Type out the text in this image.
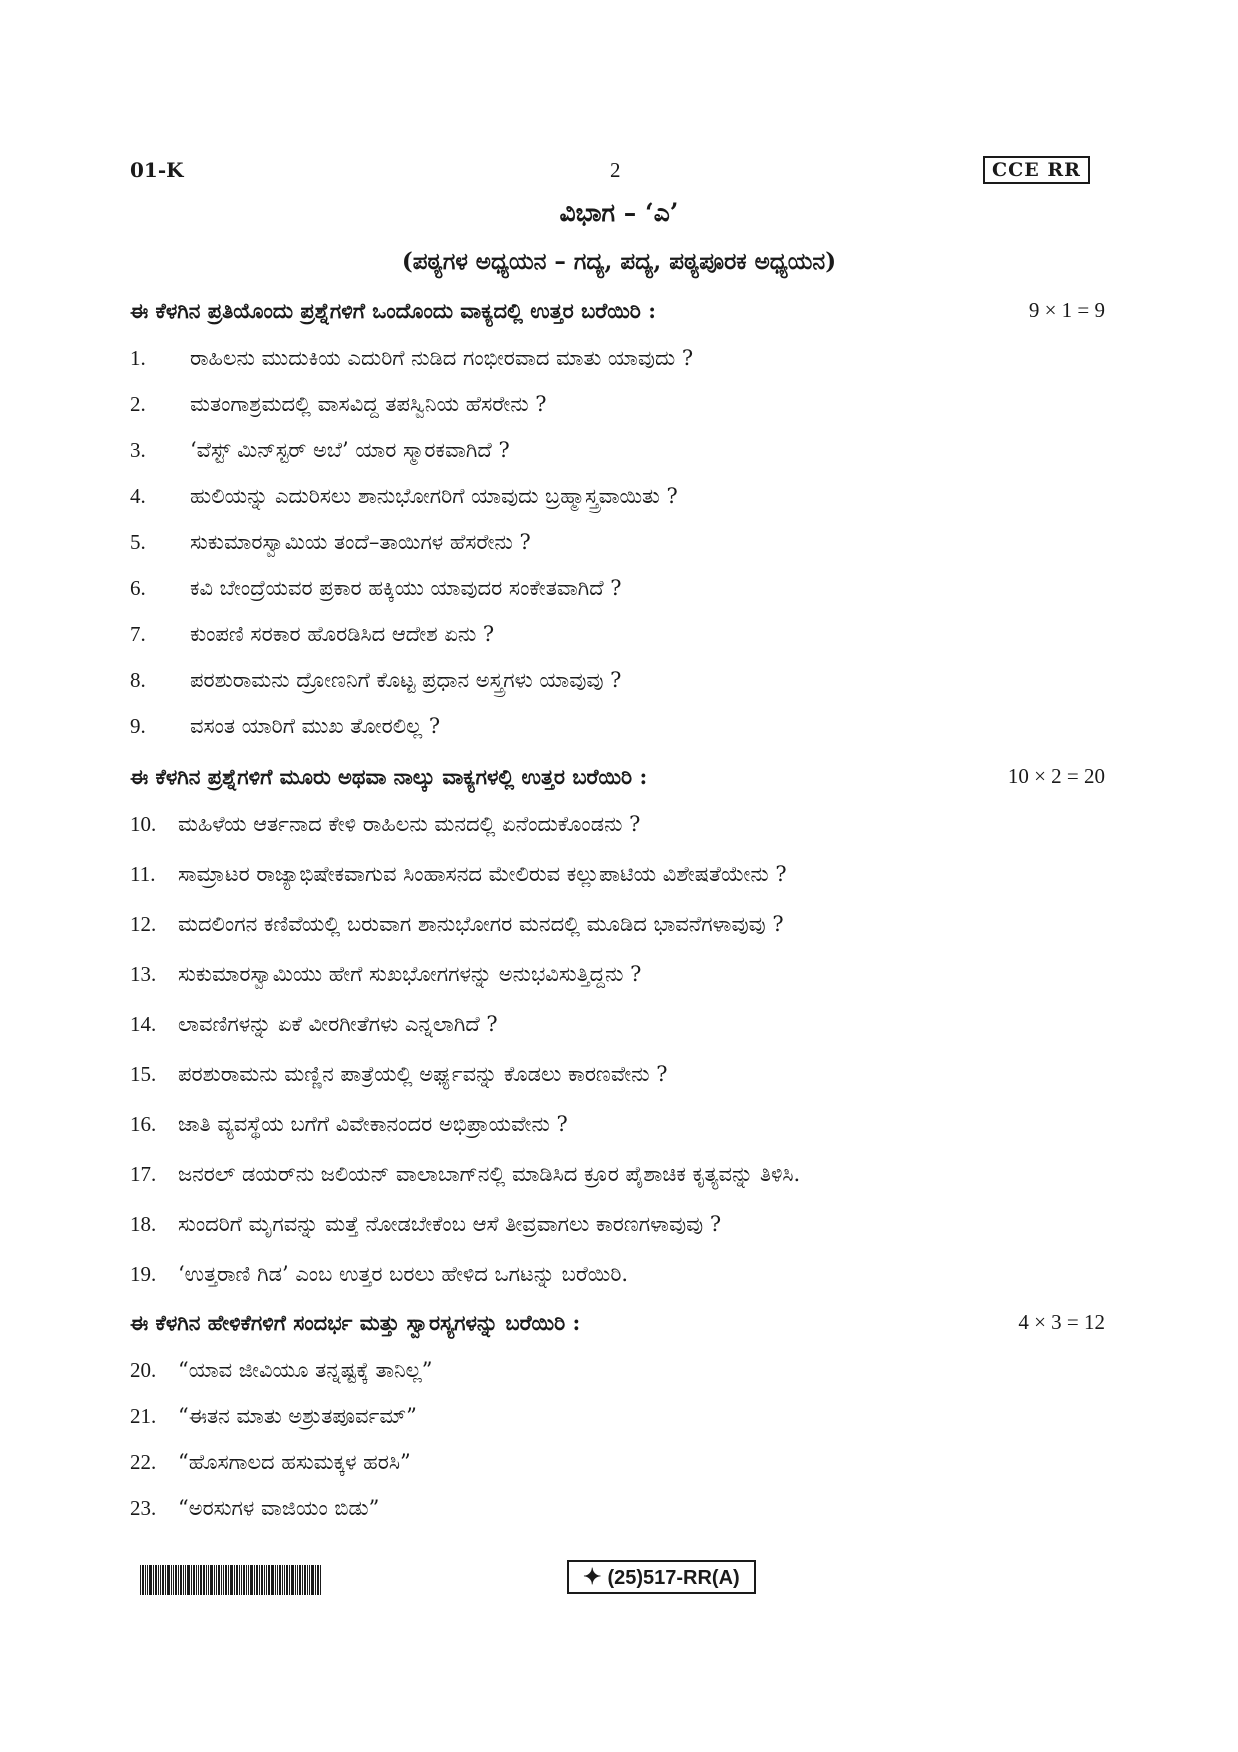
01-K	2	CCE RR
ವಿಭಾಗ – ‘ಎ’
(ಪಠ್ಯಗಳ ಅಧ್ಯಯನ – ಗದ್ಯ, ಪದ್ಯ, ಪಠ್ಯಪೂರಕ ಅಧ್ಯಯನ)
ಈ ಕೆಳಗಿನ ಪ್ರತಿಯೊಂದು ಪ್ರಶ್ನೆಗಳಿಗೆ ಒಂದೊಂದು ವಾಕ್ಯದಲ್ಲಿ ಉತ್ತರ ಬರೆಯಿರಿ :	9 × 1 = 9
1. ರಾಹಿಲನು ಮುದುಕಿಯ ಎದುರಿಗೆ ನುಡಿದ ಗಂಭೀರವಾದ ಮಾತು ಯಾವುದು ?
2. ಮತಂಗಾಶ್ರಮದಲ್ಲಿ ವಾಸವಿದ್ದ ತಪಸ್ವಿನಿಯ ಹೆಸರೇನು ?
3. ‘ವೆಸ್ಟ್ ಮಿನ್‌ಸ್ಟರ್ ಅಬೆ’ ಯಾರ ಸ್ಮಾರಕವಾಗಿದೆ ?
4. ಹುಲಿಯನ್ನು ಎದುರಿಸಲು ಶಾನುಭೋಗರಿಗೆ ಯಾವುದು ಬ್ರಹ್ಮಾಸ್ತ್ರವಾಯಿತು ?
5. ಸುಕುಮಾರಸ್ವಾಮಿಯ ತಂದೆ–ತಾಯಿಗಳ ಹೆಸರೇನು ?
6. ಕವಿ ಬೇಂದ್ರೆಯವರ ಪ್ರಕಾರ ಹಕ್ಕಿಯು ಯಾವುದರ ಸಂಕೇತವಾಗಿದೆ ?
7. ಕುಂಪಣಿ ಸರಕಾರ ಹೊರಡಿಸಿದ ಆದೇಶ ಏನು ?
8. ಪರಶುರಾಮನು ದ್ರೋಣನಿಗೆ ಕೊಟ್ಟ ಪ್ರಧಾನ ಅಸ್ತ್ರಗಳು ಯಾವುವು ?
9. ವಸಂತ ಯಾರಿಗೆ ಮುಖ ತೋರಲಿಲ್ಲ ?
ಈ ಕೆಳಗಿನ ಪ್ರಶ್ನೆಗಳಿಗೆ ಮೂರು ಅಥವಾ ನಾಲ್ಕು ವಾಕ್ಯಗಳಲ್ಲಿ ಉತ್ತರ ಬರೆಯಿರಿ :	10 × 2 = 20
10. ಮಹಿಳೆಯ ಆರ್ತನಾದ ಕೇಳಿ ರಾಹಿಲನು ಮನದಲ್ಲಿ ಏನೆಂದುಕೊಂಡನು ?
11. ಸಾಮ್ರಾಟರ ರಾಜ್ಯಾಭಿಷೇಕವಾಗುವ ಸಿಂಹಾಸನದ ಮೇಲಿರುವ ಕಲ್ಲುಪಾಟಿಯ ವಿಶೇಷತೆಯೇನು ?
12. ಮದಲಿಂಗನ ಕಣಿವೆಯಲ್ಲಿ ಬರುವಾಗ ಶಾನುಭೋಗರ ಮನದಲ್ಲಿ ಮೂಡಿದ ಭಾವನೆಗಳಾವುವು ?
13. ಸುಕುಮಾರಸ್ವಾಮಿಯು ಹೇಗೆ ಸುಖಭೋಗಗಳನ್ನು ಅನುಭವಿಸುತ್ತಿದ್ದನು ?
14. ಲಾವಣಿಗಳನ್ನು ಏಕೆ ವೀರಗೀತೆಗಳು ಎನ್ನಲಾಗಿದೆ ?
15. ಪರಶುರಾಮನು ಮಣ್ಣಿನ ಪಾತ್ರೆಯಲ್ಲಿ ಅರ್ಘ್ಯವನ್ನು ಕೊಡಲು ಕಾರಣವೇನು ?
16. ಜಾತಿ ವ್ಯವಸ್ಥೆಯ ಬಗೆಗೆ ವಿವೇಕಾನಂದರ ಅಭಿಪ್ರಾಯವೇನು ?
17. ಜನರಲ್ ಡಯರ್‌ನು ಜಲಿಯನ್ ವಾಲಾಬಾಗ್‌ನಲ್ಲಿ ಮಾಡಿಸಿದ ಕ್ರೂರ ಪೈಶಾಚಿಕ ಕೃತ್ಯವನ್ನು ತಿಳಿಸಿ.
18. ಸುಂದರಿಗೆ ಮೃಗವನ್ನು ಮತ್ತೆ ನೋಡಬೇಕೆಂಬ ಆಸೆ ತೀವ್ರವಾಗಲು ಕಾರಣಗಳಾವುವು ?
19. ‘ಉತ್ತರಾಣಿ ಗಿಡ’ ಎಂಬ ಉತ್ತರ ಬರಲು ಹೇಳಿದ ಒಗಟನ್ನು ಬರೆಯಿರಿ.
ಈ ಕೆಳಗಿನ ಹೇಳಿಕೆಗಳಿಗೆ ಸಂದರ್ಭ ಮತ್ತು ಸ್ವಾರಸ್ಯಗಳನ್ನು ಬರೆಯಿರಿ :	4 × 3 = 12
20. “ಯಾವ ಜೀವಿಯೂ ತನ್ನಷ್ಟಕ್ಕೆ ತಾನಿಲ್ಲ”
21. “ಈತನ ಮಾತು ಅಶ್ರುತಪೂರ್ವಮ್”
22. “ಹೊಸಗಾಲದ ಹಸುಮಕ್ಕಳ ಹರಸಿ”
23. “ಅರಸುಗಳ ವಾಜಿಯಂ ಬಿಡು”
✦ (25)517-RR(A)
